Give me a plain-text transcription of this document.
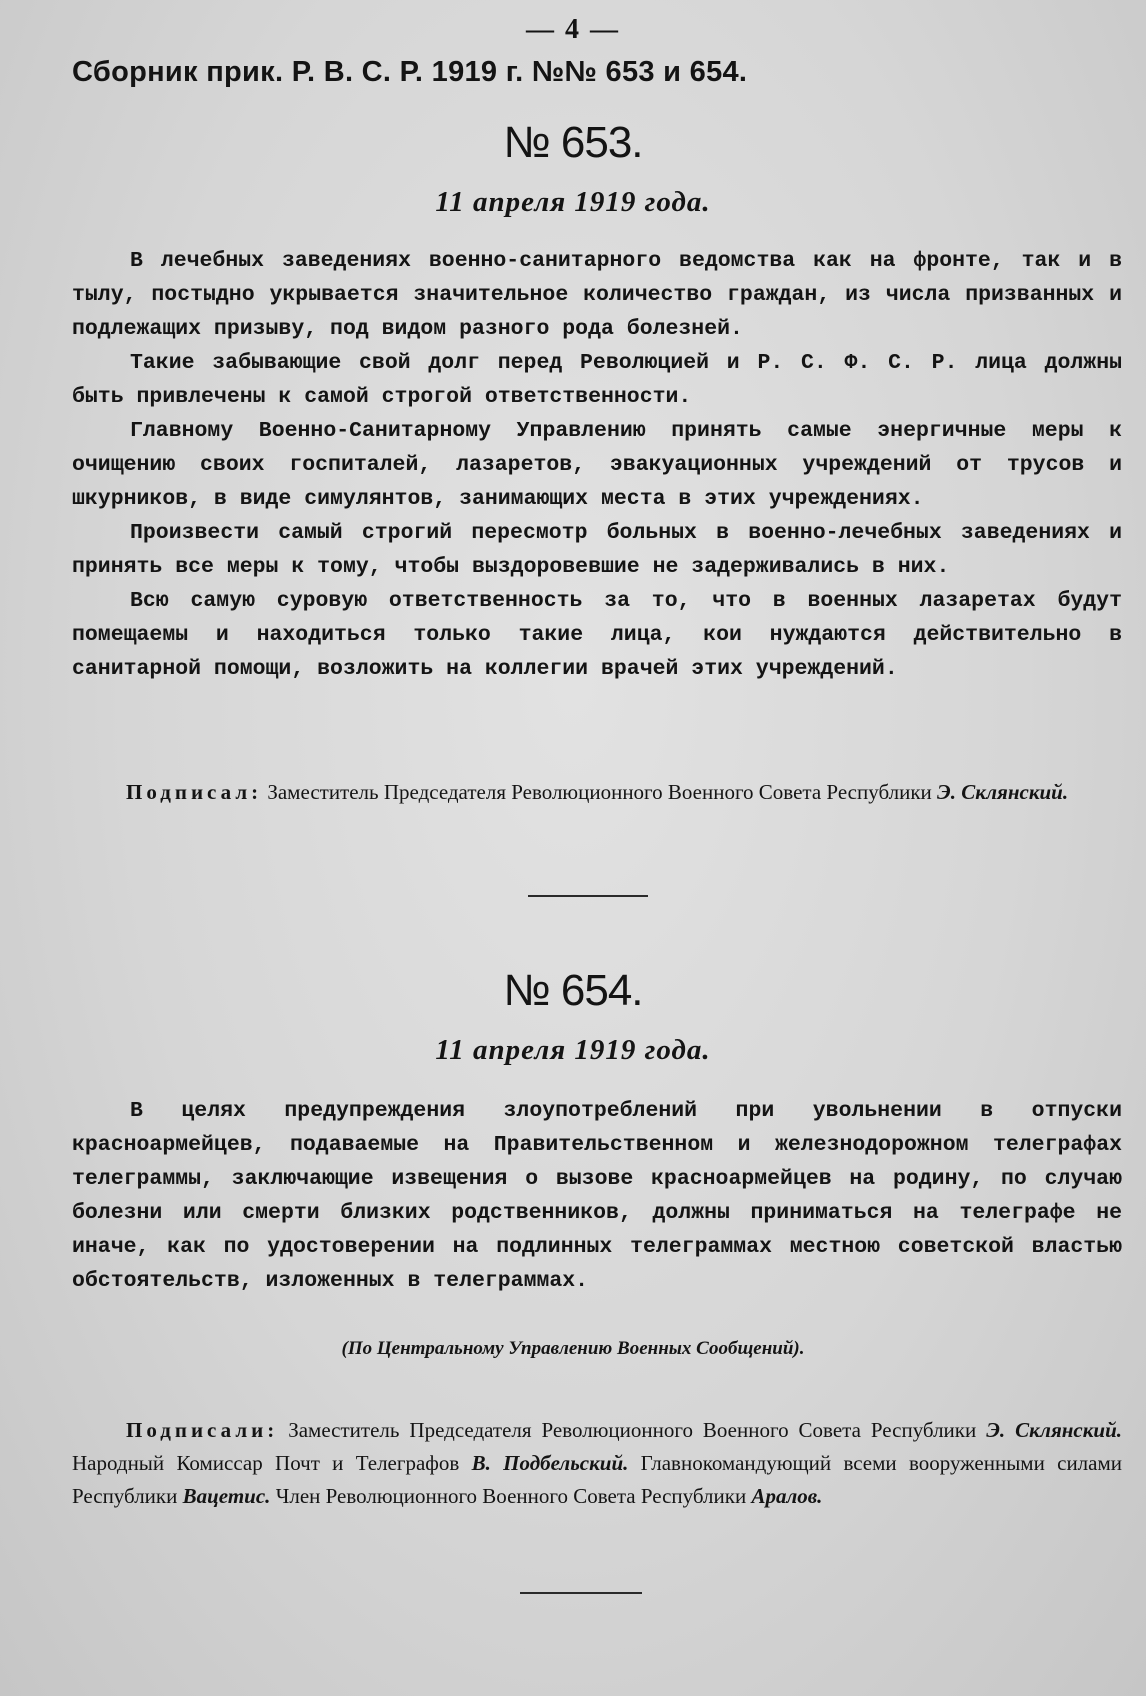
— 4 —
Сборник прик. Р. В. С. Р. 1919 г. №№ 653 и 654.
№ 653.
11 апреля 1919 года.

В лечебных заведениях военно-санитарного ведомства как на фронте, так и в тылу, постыдно укрывается значительное количество граждан, из числа призванных и подлежащих призыву, под видом разного рода болезней.

Такие забывающие свой долг перед Революцией и Р. С. Ф. С. Р. лица должны быть привлечены к самой строгой ответственности.

Главному Военно-Санитарному Управлению принять самые энергичные меры к очищению своих госпиталей, лазаретов, эвакуационных учреждений от трусов и шкурников, в виде симулянтов, занимающих места в этих учреждениях.

Произвести самый строгий пересмотр больных в военно-лечебных заведениях и принять все меры к тому, чтобы выздоровевшие не задерживались в них.

Всю самую суровую ответственность за то, что в военных лазаретах будут помещаемы и находиться только такие лица, кои нуждаются действительно в санитарной помощи, возложить на коллегии врачей этих учреждений.

Подписал: Заместитель Председателя Революционного Военного Совета Республики Э. Склянский.
№ 654.
11 апреля 1919 года.

В целях предупреждения злоупотреблений при увольнении в отпуски красноармейцев, подаваемые на Правительственном и железнодорожном телеграфах телеграммы, заключающие извещения о вызове красноармейцев на родину, по случаю болезни или смерти близких родственников, должны приниматься на телеграфе не иначе, как по удостоверении на подлинных телеграммах местною советской властью обстоятельств, изложенных в телеграммах.

(По Центральному Управлению Военных Сообщений).
Подписали: Заместитель Председателя Революционного Военного Совета Республики Э. Склянский. Народный Комиссар Почт и Телеграфов В. Подбельский. Главнокомандующий всеми вооруженными силами Республики Вацетис. Член Революционного Военного Совета Республики Аралов.
